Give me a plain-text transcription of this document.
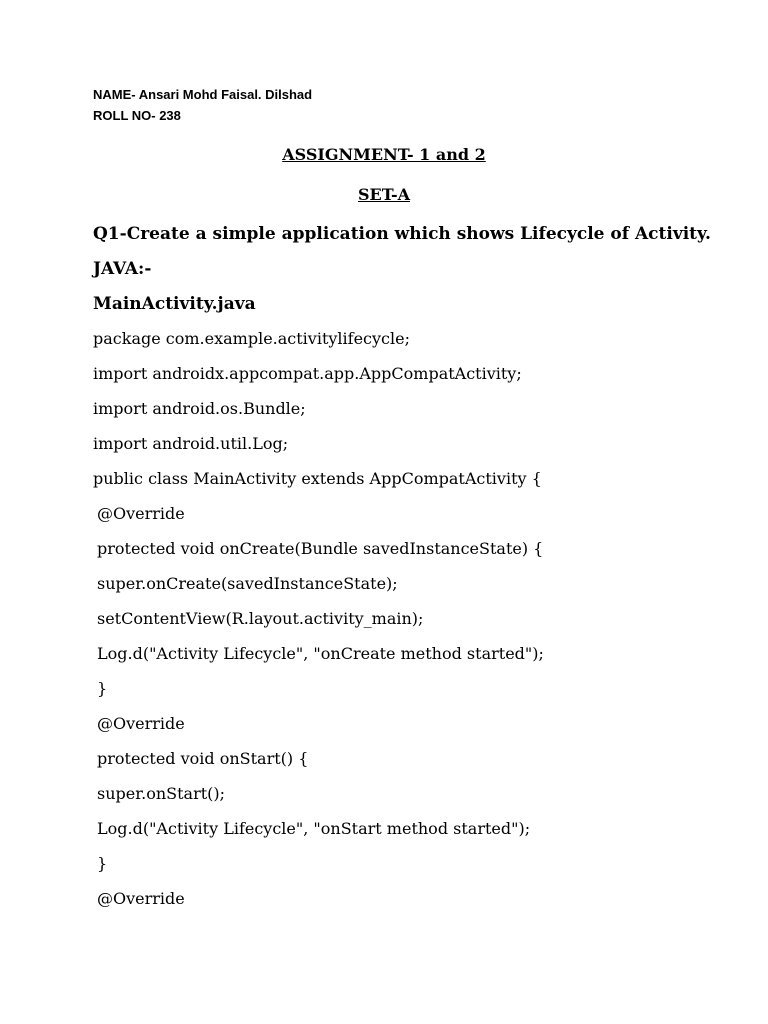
NAME- Ansari Mohd Faisal. Dilshad
ROLL NO- 238
ASSIGNMENT- 1 and 2
SET-A
Q1-Create a simple application which shows Lifecycle of Activity.
JAVA:-
MainActivity.java
package com.example.activitylifecycle;
import androidx.appcompat.app.AppCompatActivity;
import android.os.Bundle;
import android.util.Log;
public class MainActivity extends AppCompatActivity {
@Override
protected void onCreate(Bundle savedInstanceState) {
super.onCreate(savedInstanceState);
setContentView(R.layout.activity_main);
Log.d("Activity Lifecycle", "onCreate method started");
}
@Override
protected void onStart() {
super.onStart();
Log.d("Activity Lifecycle", "onStart method started");
}
@Override
